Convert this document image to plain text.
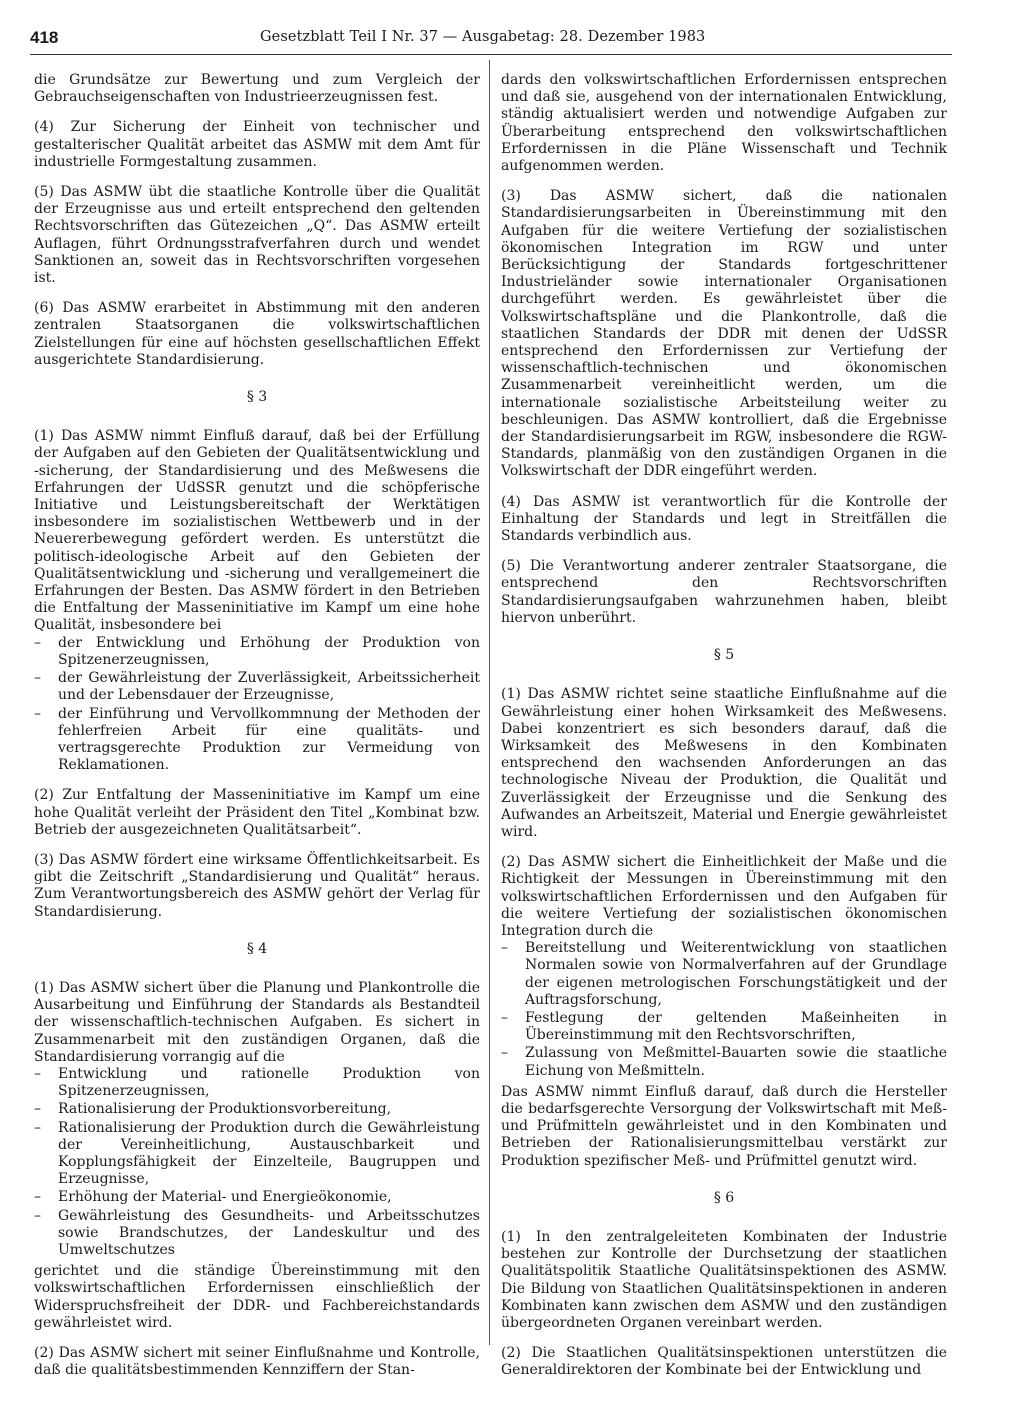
418	Gesetzblatt Teil I Nr. 37 — Ausgabetag: 28. Dezember 1983

die Grundsätze zur Bewertung und zum Vergleich der Gebrauchseigenschaften von Industrieerzeugnissen fest.

(4) Zur Sicherung der Einheit von technischer und gestalterischer Qualität arbeitet das ASMW mit dem Amt für industrielle Formgestaltung zusammen.

(5) Das ASMW übt die staatliche Kontrolle über die Qualität der Erzeugnisse aus und erteilt entsprechend den geltenden Rechtsvorschriften das Gütezeichen „Q“. Das ASMW erteilt Auflagen, führt Ordnungsstrafverfahren durch und wendet Sanktionen an, soweit das in Rechtsvorschriften vorgesehen ist.

(6) Das ASMW erarbeitet in Abstimmung mit den anderen zentralen Staatsorganen die volkswirtschaftlichen Zielstellungen für eine auf höchsten gesellschaftlichen Effekt ausgerichtete Standardisierung.

§ 3

(1) Das ASMW nimmt Einfluß darauf, daß bei der Erfüllung der Aufgaben auf den Gebieten der Qualitätsentwicklung und -sicherung, der Standardisierung und des Meßwesens die Erfahrungen der UdSSR genutzt und die schöpferische Initiative und Leistungsbereitschaft der Werktätigen insbesondere im sozialistischen Wettbewerb und in der Neuererbewegung gefördert werden. Es unterstützt die politisch-ideologische Arbeit auf den Gebieten der Qualitätsentwicklung und -sicherung und verallgemeinert die Erfahrungen der Besten. Das ASMW fördert in den Betrieben die Entfaltung der Masseninitiative im Kampf um eine hohe Qualität, insbesondere bei

– der Entwicklung und Erhöhung der Produktion von Spitzenerzeugnissen,
– der Gewährleistung der Zuverlässigkeit, Arbeitssicherheit und der Lebensdauer der Erzeugnisse,
– der Einführung und Vervollkommnung der Methoden der fehlerfreien Arbeit für eine qualitäts- und vertragsgerechte Produktion zur Vermeidung von Reklamationen.

(2) Zur Entfaltung der Masseninitiative im Kampf um eine hohe Qualität verleiht der Präsident den Titel „Kombinat bzw. Betrieb der ausgezeichneten Qualitätsarbeit“.

(3) Das ASMW fördert eine wirksame Öffentlichkeitsarbeit. Es gibt die Zeitschrift „Standardisierung und Qualität“ heraus. Zum Verantwortungsbereich des ASMW gehört der Verlag für Standardisierung.

§ 4

(1) Das ASMW sichert über die Planung und Plankontrolle die Ausarbeitung und Einführung der Standards als Bestandteil der wissenschaftlich-technischen Aufgaben. Es sichert in Zusammenarbeit mit den zuständigen Organen, daß die Standardisierung vorrangig auf die

– Entwicklung und rationelle Produktion von Spitzenerzeugnissen,
– Rationalisierung der Produktionsvorbereitung,
– Rationalisierung der Produktion durch die Gewährleistung der Vereinheitlichung, Austauschbarkeit und Kopplungsfähigkeit der Einzelteile, Baugruppen und Erzeugnisse,
– Erhöhung der Material- und Energieökonomie,
– Gewährleistung des Gesundheits- und Arbeitsschutzes sowie Brandschutzes, der Landeskultur und des Umweltschutzes

gerichtet und die ständige Übereinstimmung mit den volkswirtschaftlichen Erfordernissen einschließlich der Widerspruchsfreiheit der DDR- und Fachbereichstandards gewährleistet wird.

(2) Das ASMW sichert mit seiner Einflußnahme und Kontrolle, daß die qualitätsbestimmenden Kennziffern der Stan-

dards den volkswirtschaftlichen Erfordernissen entsprechen und daß sie, ausgehend von der internationalen Entwicklung, ständig aktualisiert werden und notwendige Aufgaben zur Überarbeitung entsprechend den volkswirtschaftlichen Erfordernissen in die Pläne Wissenschaft und Technik aufgenommen werden.

(3) Das ASMW sichert, daß die nationalen Standardisierungsarbeiten in Übereinstimmung mit den Aufgaben für die weitere Vertiefung der sozialistischen ökonomischen Integration im RGW und unter Berücksichtigung der Standards fortgeschrittener Industrieländer sowie internationaler Organisationen durchgeführt werden. Es gewährleistet über die Volkswirtschaftspläne und die Plankontrolle, daß die staatlichen Standards der DDR mit denen der UdSSR entsprechend den Erfordernissen zur Vertiefung der wissenschaftlich-technischen und ökonomischen Zusammenarbeit vereinheitlicht werden, um die internationale sozialistische Arbeitsteilung weiter zu beschleunigen. Das ASMW kontrolliert, daß die Ergebnisse der Standardisierungsarbeit im RGW, insbesondere die RGW-Standards, planmäßig von den zuständigen Organen in die Volkswirtschaft der DDR eingeführt werden.

(4) Das ASMW ist verantwortlich für die Kontrolle der Einhaltung der Standards und legt in Streitfällen die Standards verbindlich aus.

(5) Die Verantwortung anderer zentraler Staatsorgane, die entsprechend den Rechtsvorschriften Standardisierungsaufgaben wahrzunehmen haben, bleibt hiervon unberührt.

§ 5

(1) Das ASMW richtet seine staatliche Einflußnahme auf die Gewährleistung einer hohen Wirksamkeit des Meßwesens. Dabei konzentriert es sich besonders darauf, daß die Wirksamkeit des Meßwesens in den Kombinaten entsprechend den wachsenden Anforderungen an das technologische Niveau der Produktion, die Qualität und Zuverlässigkeit der Erzeugnisse und die Senkung des Aufwandes an Arbeitszeit, Material und Energie gewährleistet wird.

(2) Das ASMW sichert die Einheitlichkeit der Maße und die Richtigkeit der Messungen in Übereinstimmung mit den volkswirtschaftlichen Erfordernissen und den Aufgaben für die weitere Vertiefung der sozialistischen ökonomischen Integration durch die

– Bereitstellung und Weiterentwicklung von staatlichen Normalen sowie von Normalverfahren auf der Grundlage der eigenen metrologischen Forschungstätigkeit und der Auftragsforschung,
– Festlegung der geltenden Maßeinheiten in Übereinstimmung mit den Rechtsvorschriften,
– Zulassung von Meßmittel-Bauarten sowie die staatliche Eichung von Meßmitteln.

Das ASMW nimmt Einfluß darauf, daß durch die Hersteller die bedarfsgerechte Versorgung der Volkswirtschaft mit Meß- und Prüfmitteln gewährleistet und in den Kombinaten und Betrieben der Rationalisierungsmittelbau verstärkt zur Produktion spezifischer Meß- und Prüfmittel genutzt wird.

§ 6

(1) In den zentralgeleiteten Kombinaten der Industrie bestehen zur Kontrolle der Durchsetzung der staatlichen Qualitätspolitik Staatliche Qualitätsinspektionen des ASMW. Die Bildung von Staatlichen Qualitätsinspektionen in anderen Kombinaten kann zwischen dem ASMW und den zuständigen übergeordneten Organen vereinbart werden.

(2) Die Staatlichen Qualitätsinspektionen unterstützen die Generaldirektoren der Kombinate bei der Entwicklung und
